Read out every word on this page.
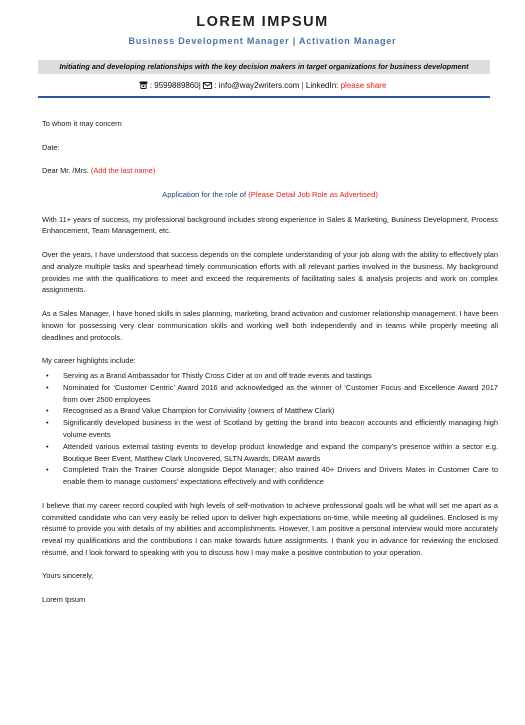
LOREM IMPSUM
Business Development Manager | Activation Manager
Initiating and developing relationships with the key decision makers in target organizations for business development
: 9599889860| : info@way2writers.com | LinkedIn: please share

To whom it may concern

Date:

Dear Mr. /Mrs. (Add the last name)

Application for the role of (Please Detail Job Role as Advertised)

With 11+ years of success, my professional background includes strong experience in Sales & Marketing, Business Development, Process Enhancement, Team Management, etc.

Over the years, I have understood that success depends on the complete understanding of your job along with the ability to effectively plan and analyze multiple tasks and spearhead timely communication efforts with all relevant parties involved in the business. My background provides me with the qualifications to meet and exceed the requirements of facilitating sales & analysis projects and work on complex assignments.

As a Sales Manager, I have honed skills in sales planning, marketing, brand activation and customer relationship management. I have been known for possessing very clear communication skills and working well both independently and in teams while properly meeting all deadlines and protocols.

My career highlights include:

• Serving as a Brand Ambassador for Thistly Cross Cider at on and off trade events and tastings
• Nominated for ‘Customer Centric’ Award 2016 and acknowledged as the winner of ‘Customer Focus and Excellence Award 2017 from over 2500 employees
• Recognised as a Brand Value Champion for Conviviality (owners of Matthew Clark)
• Significantly developed business in the west of Scotland by getting the brand into beacon accounts and efficiently managing high volume events
• Attended various external tasting events to develop product knowledge and expand the company’s presence within a sector e.g. Boutique Beer Event, Matthew Clark Uncovered, SLTN Awards, DRAM awards
• Completed Train the Trainer Course alongside Depot Manager; also trained 40+ Drivers and Drivers Mates in Customer Care to enable them to manage customers’ expectations effectively and with confidence

I believe that my career record coupled with high levels of self-motivation to achieve professional goals will be what will set me apart as a committed candidate who can very easily be relied upon to deliver high expectations on-time, while meeting all guidelines. Enclosed is my résumé to provide you with details of my abilities and accomplishments. However, I am positive a personal interview would more accurately reveal my qualifications and the contributions I can make towards future assignments. I thank you in advance for reviewing the enclosed résumé, and I look forward to speaking with you to discuss how I may make a positive contribution to your operation.

Yours sincerely,

Lorem Ipsum
